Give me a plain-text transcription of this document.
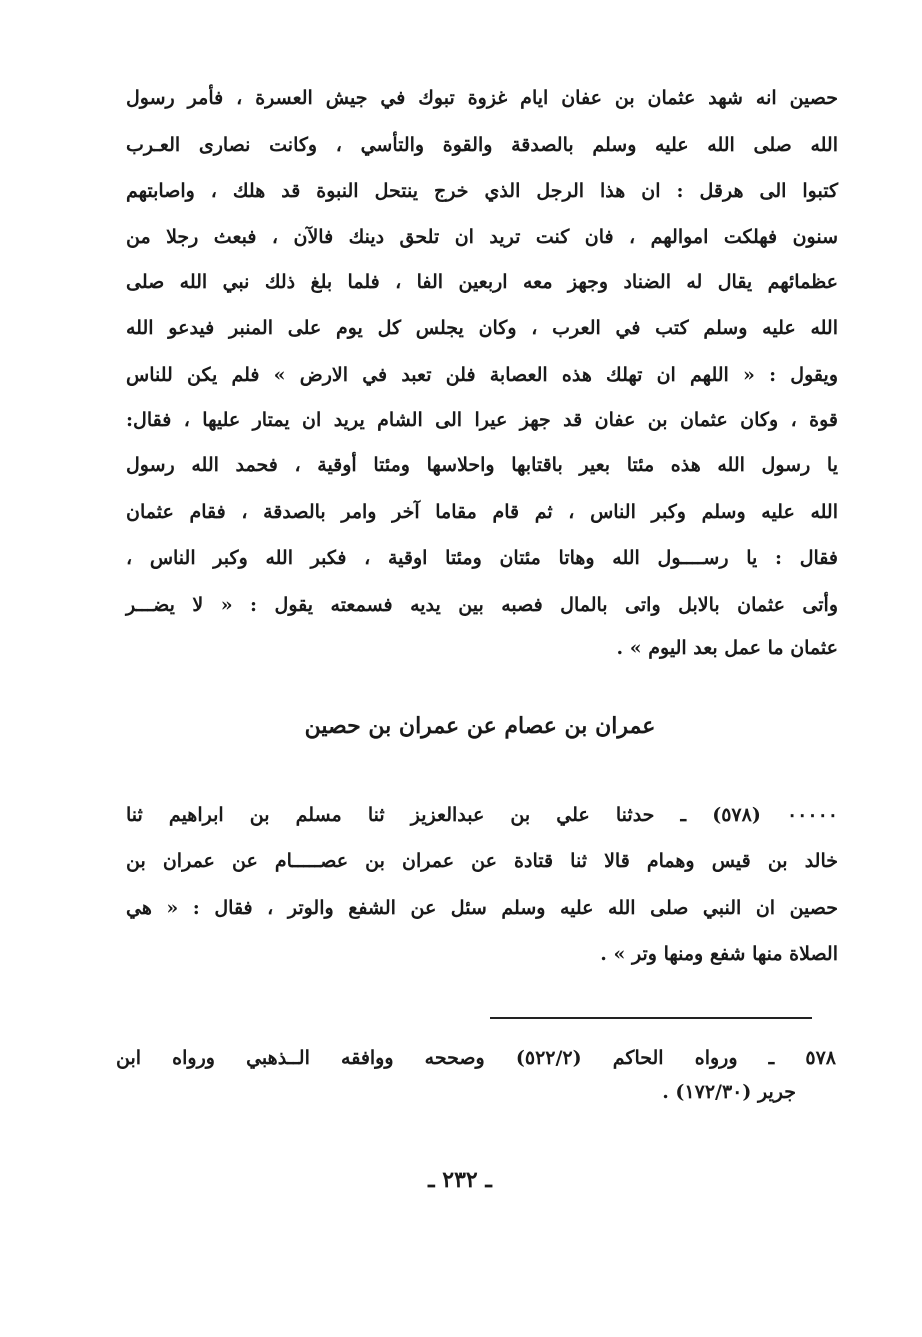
حصين انه شهد عثمان بن عفان ايام غزوة تبوك في جيش العسرة ، فأمر رسول
الله صلى الله عليه وسلم بالصدقة والقوة والتأسي ، وكانت نصارى العـرب
كتبوا الى هرقل : ان هذا الرجل الذي خرج ينتحل النبوة قد هلك ، واصابتهم
سنون فهلكت اموالهم ، فان كنت تريد ان تلحق دينك فالآن ، فبعث رجلا من
عظمائهم يقال له الضناد وجهز معه اربعين الفا ، فلما بلغ ذلك نبي الله صلى
الله عليه وسلم كتب في العرب ، وكان يجلس كل يوم على المنبر فيدعو الله
ويقول : « اللهم ان تهلك هذه العصابة فلن تعبد في الارض » فلم يكن للناس
قوة ، وكان عثمان بن عفان قد جهز عيرا الى الشام يريد ان يمتار عليها ، فقال:
يا رسول الله هذه مئتا بعير باقتابها واحلاسها ومئتا أوقية ، فحمد الله رسول
الله عليه وسلم وكبر الناس ، ثم قام مقاما آخر وامر بالصدقة ، فقام عثمان
فقال : يا رســــول الله وهاتا مئتان ومئتا اوقية ، فكبر الله وكبر الناس ،
وأتى عثمان بالابل واتى بالمال فصبه بين يديه فسمعته يقول : « لا يضـــر
عثمان ما عمل بعد اليوم » .
عمران بن عصام عن عمران بن حصين
٠٠٠٠٠ (٥٧٨) ـ حدثنا علي بن عبدالعزيز ثنا مسلم بن ابراهيم ثنا
خالد بن قيس وهمام قالا ثنا قتادة عن عمران بن عصـــــام عن عمران بن
حصين ان النبي صلى الله عليه وسلم سئل عن الشفع والوتر ، فقال : « هي
الصلاة منها شفع ومنها وتر » .
٥٧٨ ـ ورواه الحاكم (٥٢٢/٢) وصححه ووافقه الــذهبي ورواه ابن
جرير (١٧٢/٣٠) .
ـ ٢٣٢ ـ
